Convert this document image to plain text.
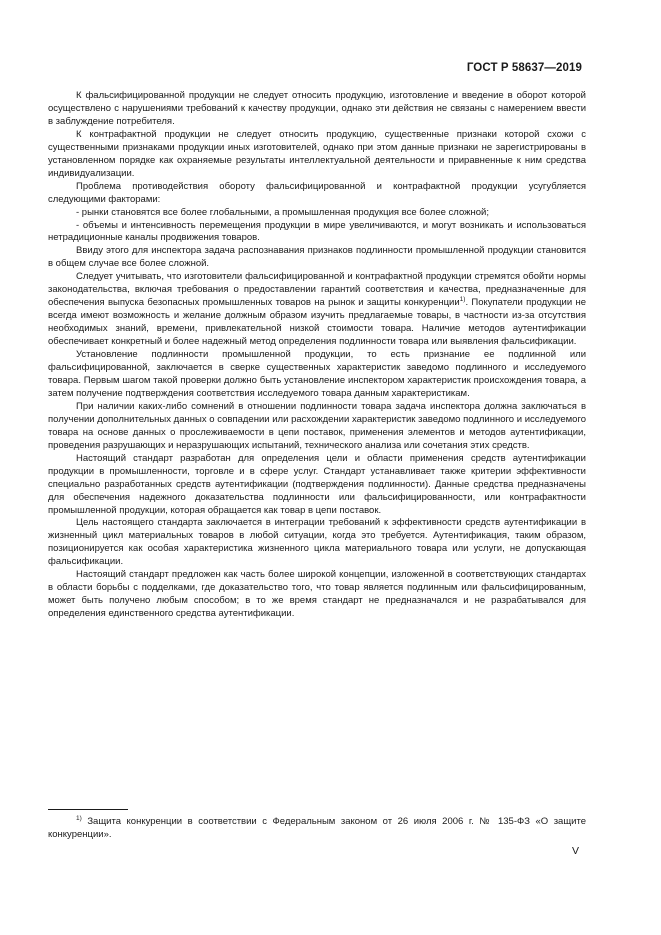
ГОСТ Р 58637—2019

К фальсифицированной продукции не следует относить продукцию, изготовление и введение в оборот которой осуществлено с нарушениями требований к качеству продукции, однако эти действия не связаны с намерением ввести в заблуждение потребителя.

К контрафактной продукции не следует относить продукцию, существенные признаки которой схожи с существенными признаками продукции иных изготовителей, однако при этом данные признаки не зарегистрированы в установленном порядке как охраняемые результаты интеллектуальной деятельности и приравненные к ним средства индивидуализации.

Проблема противодействия обороту фальсифицированной и контрафактной продукции усугубляется следующими факторами:

- рынки становятся все более глобальными, а промышленная продукция все более сложной;

- объемы и интенсивность перемещения продукции в мире увеличиваются, и могут возникать и использоваться нетрадиционные каналы продвижения товаров.

Ввиду этого для инспектора задача распознавания признаков подлинности промышленной продукции становится в общем случае все более сложной.

Следует учитывать, что изготовители фальсифицированной и контрафактной продукции стремятся обойти нормы законодательства, включая требования о предоставлении гарантий соответствия и качества, предназначенные для обеспечения выпуска безопасных промышленных товаров на рынок и защиты конкуренции$^{1)}$. Покупатели продукции не всегда имеют возможность и желание должным образом изучить предлагаемые товары, в частности из-за отсутствия необходимых знаний, времени, привлекательной низкой стоимости товара. Наличие методов аутентификации обеспечивает конкретный и более надежный метод определения подлинности товара или выявления фальсификации.

Установление подлинности промышленной продукции, то есть признание ее подлинной или фальсифицированной, заключается в сверке существенных характеристик заведомо подлинного и исследуемого товара. Первым шагом такой проверки должно быть установление инспектором характеристик происхождения товара, а затем получение подтверждения соответствия исследуемого товара данным характеристикам.

При наличии каких-либо сомнений в отношении подлинности товара задача инспектора должна заключаться в получении дополнительных данных о совпадении или расхождении характеристик заведомо подлинного и исследуемого товара на основе данных о прослеживаемости в цепи поставок, применения элементов и методов аутентификации, проведения разрушающих и неразрушающих испытаний, технического анализа или сочетания этих средств.

Настоящий стандарт разработан для определения цели и области применения средств аутентификации продукции в промышленности, торговле и в сфере услуг. Стандарт устанавливает также критерии эффективности специально разработанных средств аутентификации (подтверждения подлинности). Данные средства предназначены для обеспечения надежного доказательства подлинности или фальсифицированности, или контрафактности промышленной продукции, которая обращается как товар в цепи поставок.

Цель настоящего стандарта заключается в интеграции требований к эффективности средств аутентификации в жизненный цикл материальных товаров в любой ситуации, когда это требуется. Аутентификация, таким образом, позиционируется как особая характеристика жизненного цикла материального товара или услуги, не допускающая фальсификации.

Настоящий стандарт предложен как часть более широкой концепции, изложенной в соответствующих стандартах в области борьбы с подделками, где доказательство того, что товар является подлинным или фальсифицированным, может быть получено любым способом; в то же время стандарт не предназначался и не разрабатывался для определения единственного средства аутентификации.

$^{1)}$ Защита конкуренции в соответствии с Федеральным законом от 26 июля 2006 г. № 135-ФЗ «О защите конкуренции».
V
